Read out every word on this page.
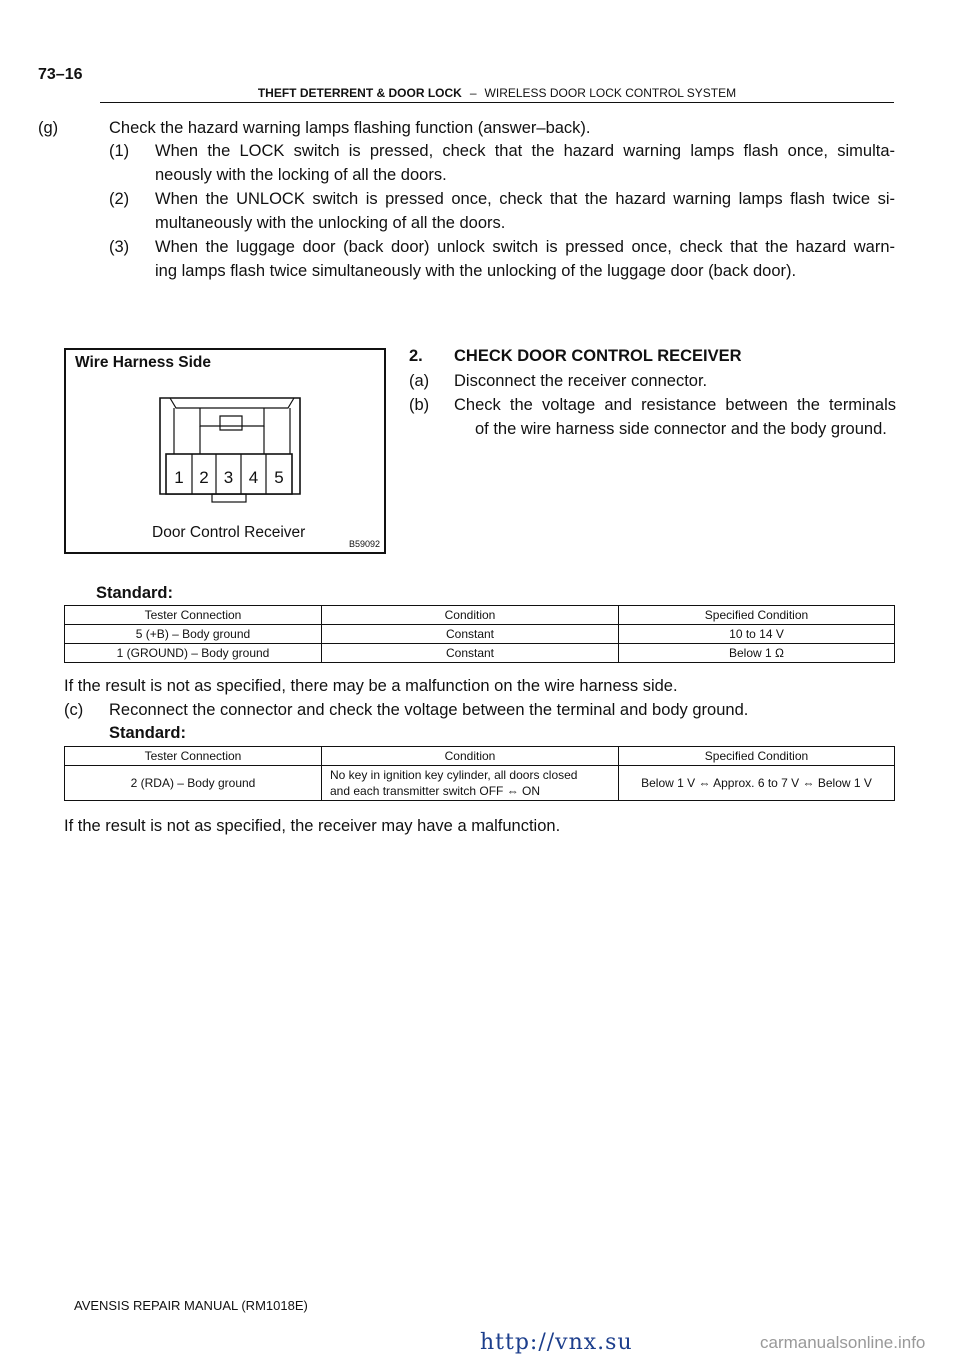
73–16
THEFT DETERRENT & DOOR LOCK – WIRELESS DOOR LOCK CONTROL SYSTEM
(g)	Check the hazard warning lamps flashing function (answer–back).
(1) When the LOCK switch is pressed, check that the hazard warning lamps flash once, simulta-
neously with the locking of all the doors.
(2) When the UNLOCK switch is pressed once, check that the hazard warning lamps flash twice si-
multaneously with the unlocking of all the doors.
(3) When the luggage door (back door) unlock switch is pressed once, check that the hazard warn-
ing lamps flash twice simultaneously with the unlocking of the luggage door (back door).
Wire Harness Side
1 2 3 4 5
Door Control Receiver
B59092
2. CHECK DOOR CONTROL RECEIVER
(a) Disconnect the receiver connector.
(b) Check the voltage and resistance between the terminals
of the wire harness side connector and the body ground.
Standard:
Tester Connection	Condition	Specified Condition
5 (+B) – Body ground	Constant	10 to 14 V
1 (GROUND) – Body ground	Constant	Below 1 Ω
If the result is not as specified, there may be a malfunction on the wire harness side.
(c) Reconnect the connector and check the voltage between the terminal and body ground.
Standard:
Tester Connection	Condition	Specified Condition
2 (RDA) – Body ground	No key in ignition key cylinder, all doors closed
and each transmitter switch OFF ⇔ ON	Below 1 V ⇔ Approx. 6 to 7 V ⇔ Below 1 V
If the result is not as specified, the receiver may have a malfunction.
AVENSIS REPAIR MANUAL (RM1018E)
http://vnx.su	carmanualsonline.info
